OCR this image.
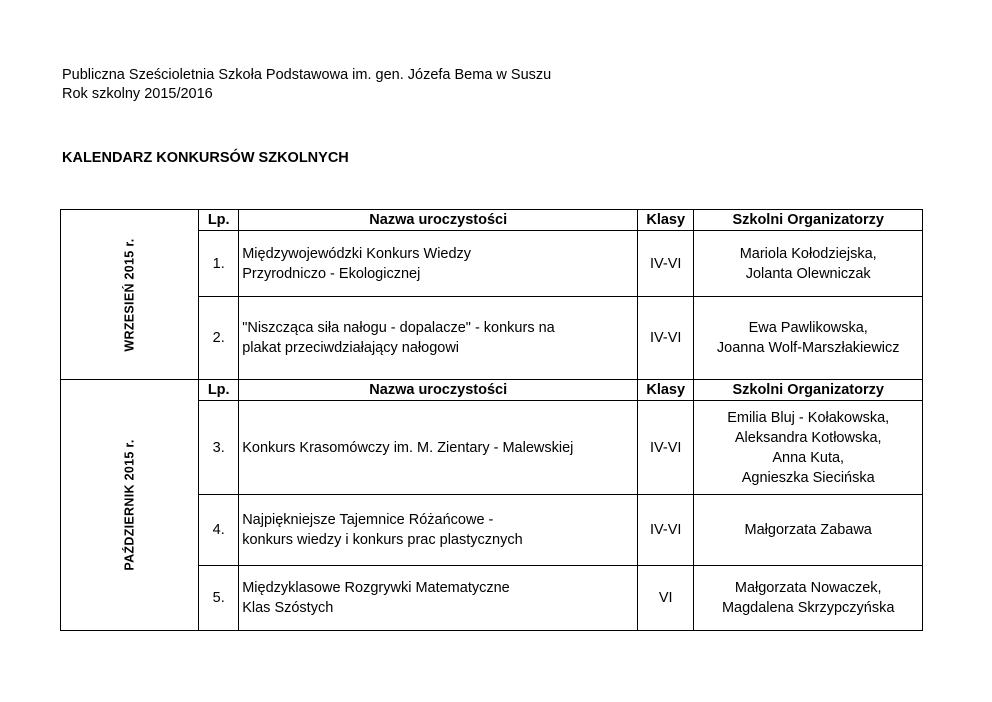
Publiczna Sześcioletnia Szkoła Podstawowa im. gen. Józefa Bema w Suszu
Rok szkolny 2015/2016
KALENDARZ KONKURSÓW SZKOLNYCH
WRZESIEŃ 2015 r.	Lp.	Nazwa uroczystości	Klasy	Szkolni Organizatorzy
	1.	Międzywojewódzki Konkurs Wiedzy
Przyrodniczo - Ekologicznej	IV-VI	Mariola Kołodziejska,
Jolanta Olewniczak

	2.	"Niszcząca siła nałogu - dopalacze" - konkurs na
plakat przeciwdziałający nałogowi	IV-VI	Ewa Pawlikowska,
Joanna Wolf-Marszłakiewicz

PAŹDZIERNIK 2015 r.	Lp.	Nazwa uroczystości	Klasy	Szkolni Organizatorzy
	3.	Konkurs Krasomówczy im. M. Zientary - Malewskiej	IV-VI	Emilia Bluj - Kołakowska,
Aleksandra Kotłowska,
Anna Kuta,
Agnieszka Siecińska

	4.	Najpiękniejsze Tajemnice Różańcowe -
konkurs wiedzy i konkurs prac plastycznych	IV-VI	Małgorzata Zabawa

	5.	Międzyklasowe Rozgrywki Matematyczne
Klas Szóstych	VI	Małgorzata Nowaczek,
Magdalena Skrzypczyńska
